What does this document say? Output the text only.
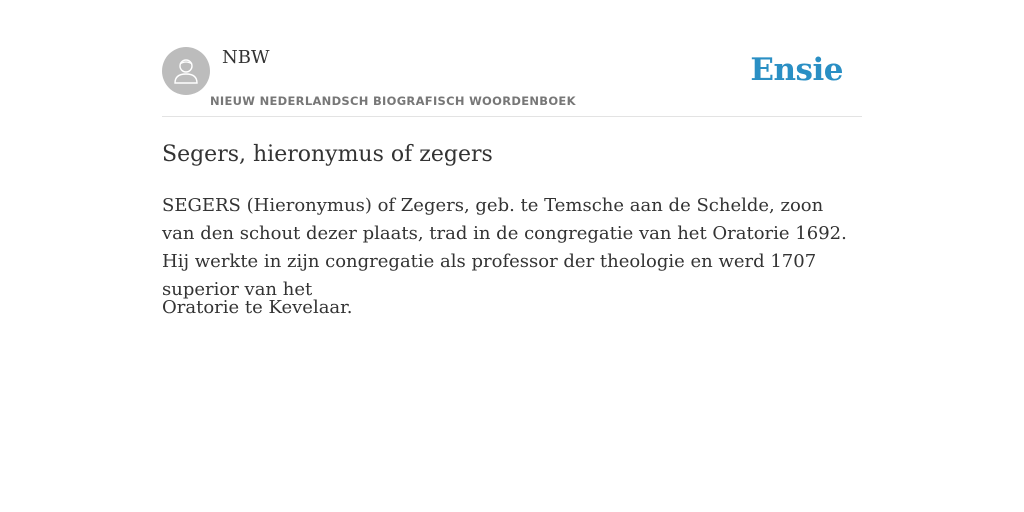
NBW
NIEUW NEDERLANDSCH BIOGRAFISCH WOORDENBOEK
Ensie
Segers, hieronymus of zegers

SEGERS (Hieronymus) of Zegers, geb. te Temsche aan de Schelde, zoon van den schout dezer plaats, trad in de congregatie van het Oratorie 1692. Hij werkte in zijn congregatie als professor der theologie en werd 1707 superior van het

Oratorie te Kevelaar.
